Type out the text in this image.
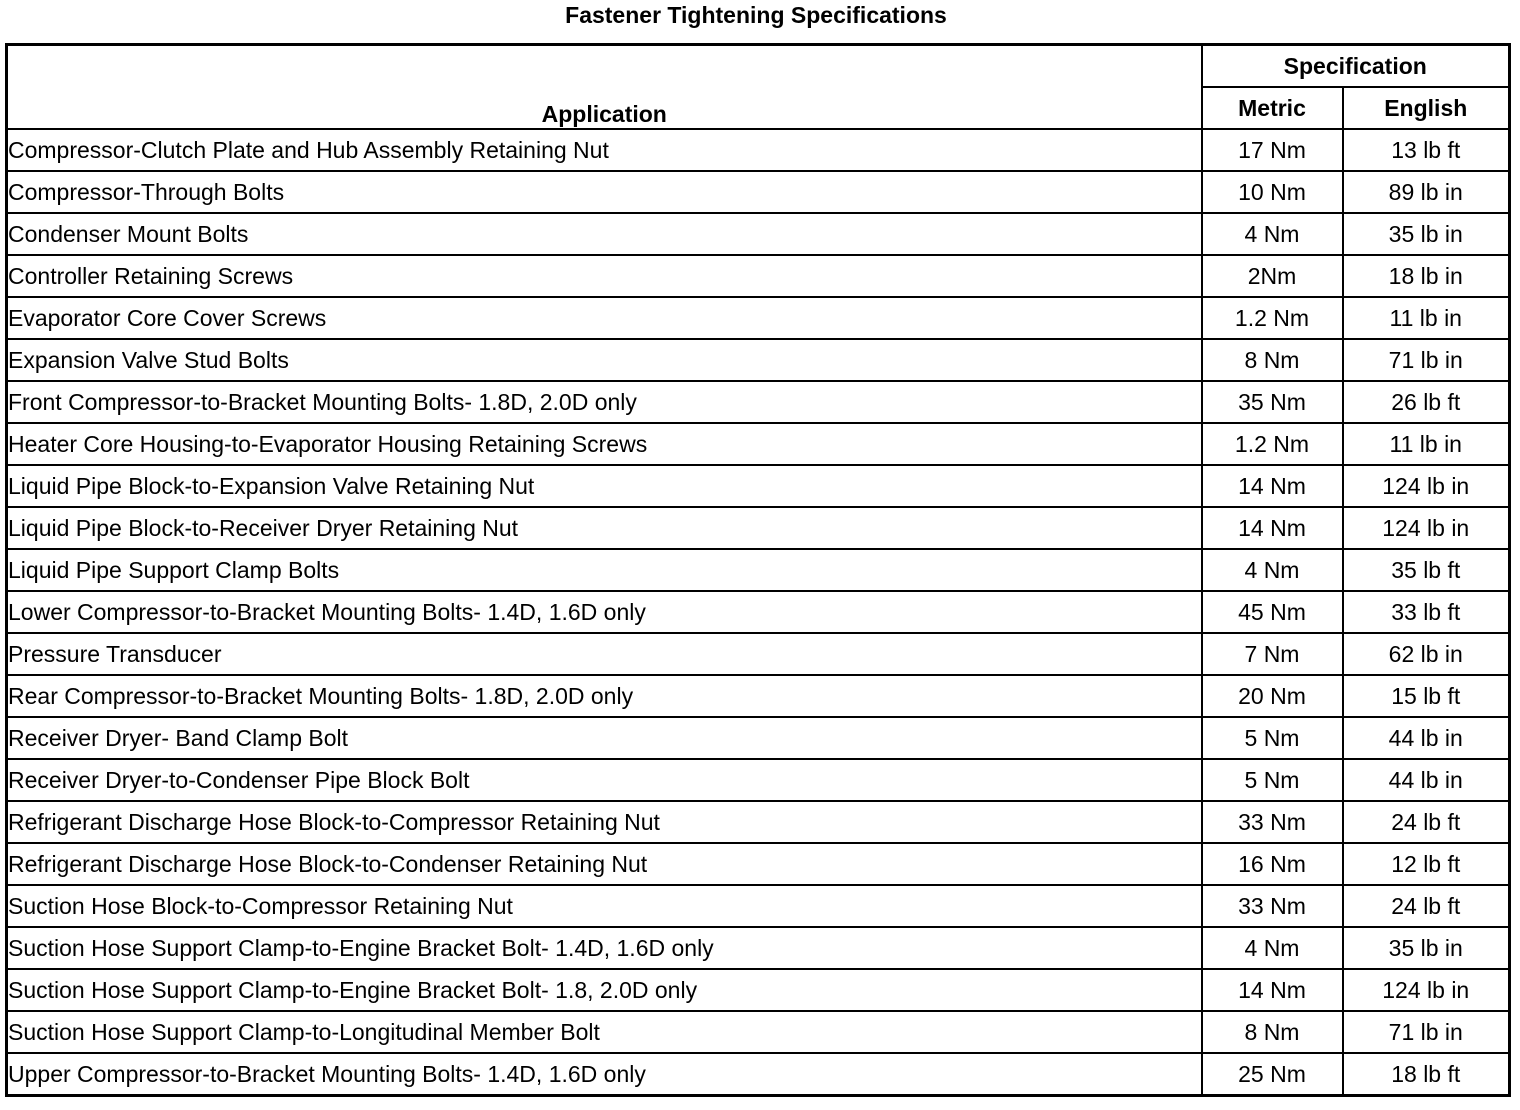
Fastener Tightening Specifications
Application	Specification	
	Metric	English
Compressor-Clutch Plate and Hub Assembly Retaining Nut	17 Nm	13 lb ft
Compressor-Through Bolts	10 Nm	89 lb in
Condenser Mount Bolts	4 Nm	35 lb in
Controller Retaining Screws	2Nm	18 lb in
Evaporator Core Cover Screws	1.2 Nm	11 lb in
Expansion Valve Stud Bolts	8 Nm	71 lb in
Front Compressor-to-Bracket Mounting Bolts- 1.8D, 2.0D only	35 Nm	26 lb ft
Heater Core Housing-to-Evaporator Housing Retaining Screws	1.2 Nm	11 lb in
Liquid Pipe Block-to-Expansion Valve Retaining Nut	14 Nm	124 lb in
Liquid Pipe Block-to-Receiver Dryer Retaining Nut	14 Nm	124 lb in
Liquid Pipe Support Clamp Bolts	4 Nm	35 lb ft
Lower Compressor-to-Bracket Mounting Bolts- 1.4D, 1.6D only	45 Nm	33 lb ft
Pressure Transducer	7 Nm	62 lb in
Rear Compressor-to-Bracket Mounting Bolts- 1.8D, 2.0D only	20 Nm	15 lb ft
Receiver Dryer- Band Clamp Bolt	5 Nm	44 lb in
Receiver Dryer-to-Condenser Pipe Block Bolt	5 Nm	44 lb in
Refrigerant Discharge Hose Block-to-Compressor Retaining Nut	33 Nm	24 lb ft
Refrigerant Discharge Hose Block-to-Condenser Retaining Nut	16 Nm	12 lb ft
Suction Hose Block-to-Compressor Retaining Nut	33 Nm	24 lb ft
Suction Hose Support Clamp-to-Engine Bracket Bolt- 1.4D, 1.6D only	4 Nm	35 lb in
Suction Hose Support Clamp-to-Engine Bracket Bolt- 1.8, 2.0D only	14 Nm	124 lb in
Suction Hose Support Clamp-to-Longitudinal Member Bolt	8 Nm	71 lb in
Upper Compressor-to-Bracket Mounting Bolts- 1.4D, 1.6D only	25 Nm	18 lb ft
